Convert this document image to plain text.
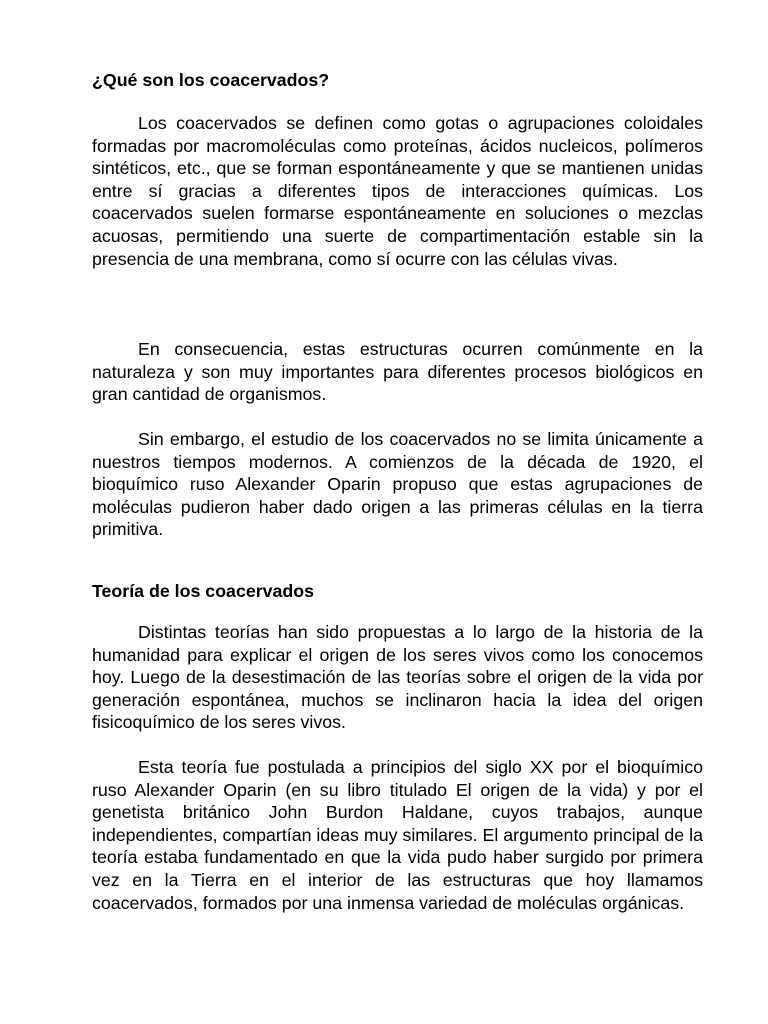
¿Qué son los coacervados?

Los coacervados se definen como gotas o agrupaciones coloidales formadas por macromoléculas como proteínas, ácidos nucleicos, polímeros sintéticos, etc., que se forman espontáneamente y que se mantienen unidas entre sí gracias a diferentes tipos de interacciones químicas. Los coacervados suelen formarse espontáneamente en soluciones o mezclas acuosas, permitiendo una suerte de compartimentación estable sin la presencia de una membrana, como sí ocurre con las células vivas.

En consecuencia, estas estructuras ocurren comúnmente en la naturaleza y son muy importantes para diferentes procesos biológicos en gran cantidad de organismos.

Sin embargo, el estudio de los coacervados no se limita únicamente a nuestros tiempos modernos. A comienzos de la década de 1920, el bioquímico ruso Alexander Oparin propuso que estas agrupaciones de moléculas pudieron haber dado origen a las primeras células en la tierra primitiva.

Teoría de los coacervados

Distintas teorías han sido propuestas a lo largo de la historia de la humanidad para explicar el origen de los seres vivos como los conocemos hoy. Luego de la desestimación de las teorías sobre el origen de la vida por generación espontánea, muchos se inclinaron hacia la idea del origen fisicoquímico de los seres vivos.

Esta teoría fue postulada a principios del siglo XX por el bioquímico ruso Alexander Oparin (en su libro titulado El origen de la vida) y por el genetista británico John Burdon Haldane, cuyos trabajos, aunque independientes, compartían ideas muy similares. El argumento principal de la teoría estaba fundamentado en que la vida pudo haber surgido por primera vez en la Tierra en el interior de las estructuras que hoy llamamos coacervados, formados por una inmensa variedad de moléculas orgánicas.
